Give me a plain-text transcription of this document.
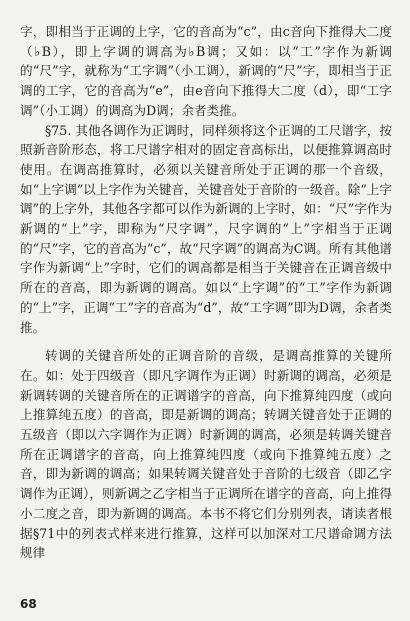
字，即相当于正调的上字，它的音高为“c”，由c音向下推得大二度（♭B），即上字调的调高为♭B调；又如：以“工”字作为新调的“尺”字，就称为“工字调”（小工调），新调的“尺”字，即相当于正调的工字，它的音高为“e”，由e音向下推得大二度（d），即“工字调”（小工调）的调高为D调；余者类推。

§75. 其他各调作为正调时，同样须将这个正调的工尺谱字，按照新音阶形态，将工尺谱字相对的固定音高标出，以便推算调高时使用。在调高推算时，必须以关键音所处于正调的那一个音级，如“上字调”以上字作为关键音，关键音处于音阶的一级音。除“上字调”的上字外，其他各字都可以作为新调的上字时，如：“尺”字作为新调的“上”字，即称为“尺字调”，尺字调的“上”字相当于正调的“尺”字，它的音高为“c”，故“尺字调”的调高为C调。所有其他谱字作为新调“上”字时，它们的调高都是相当于关键音在正调音级中所在的音高，即为新调的调高。如以“上字调”的“工”字作为新调的“上”字，正调“工”字的音高为“d”，故“工字调”即为D调，余者类推。

转调的关键音所处的正调音阶的音级，是调高推算的关键所在。如：处于四级音（即凡字调作为正调）时新调的调高，必须是新调转调的关键音所在的正调谱字的音高，向下推算纯四度（或向上推算纯五度）的音高，即是新调的调高；转调关键音处于正调的五级音（即以六字调作为正调）时新调的调高，必须是转调关键音所在正调谱字的音高，向上推算纯四度（或向下推算纯五度）之音，即为新调的调高；如果转调关键音处于音阶的七级音（即乙字调作为正调），则新调之乙字相当于正调所在谱字的音高，向上推得小二度之音，即为新调的调高。本书不将它们分别列表，请读者根据§71中的列表式样来进行推算，这样可以加深对工尺谱命调方法规律

68
